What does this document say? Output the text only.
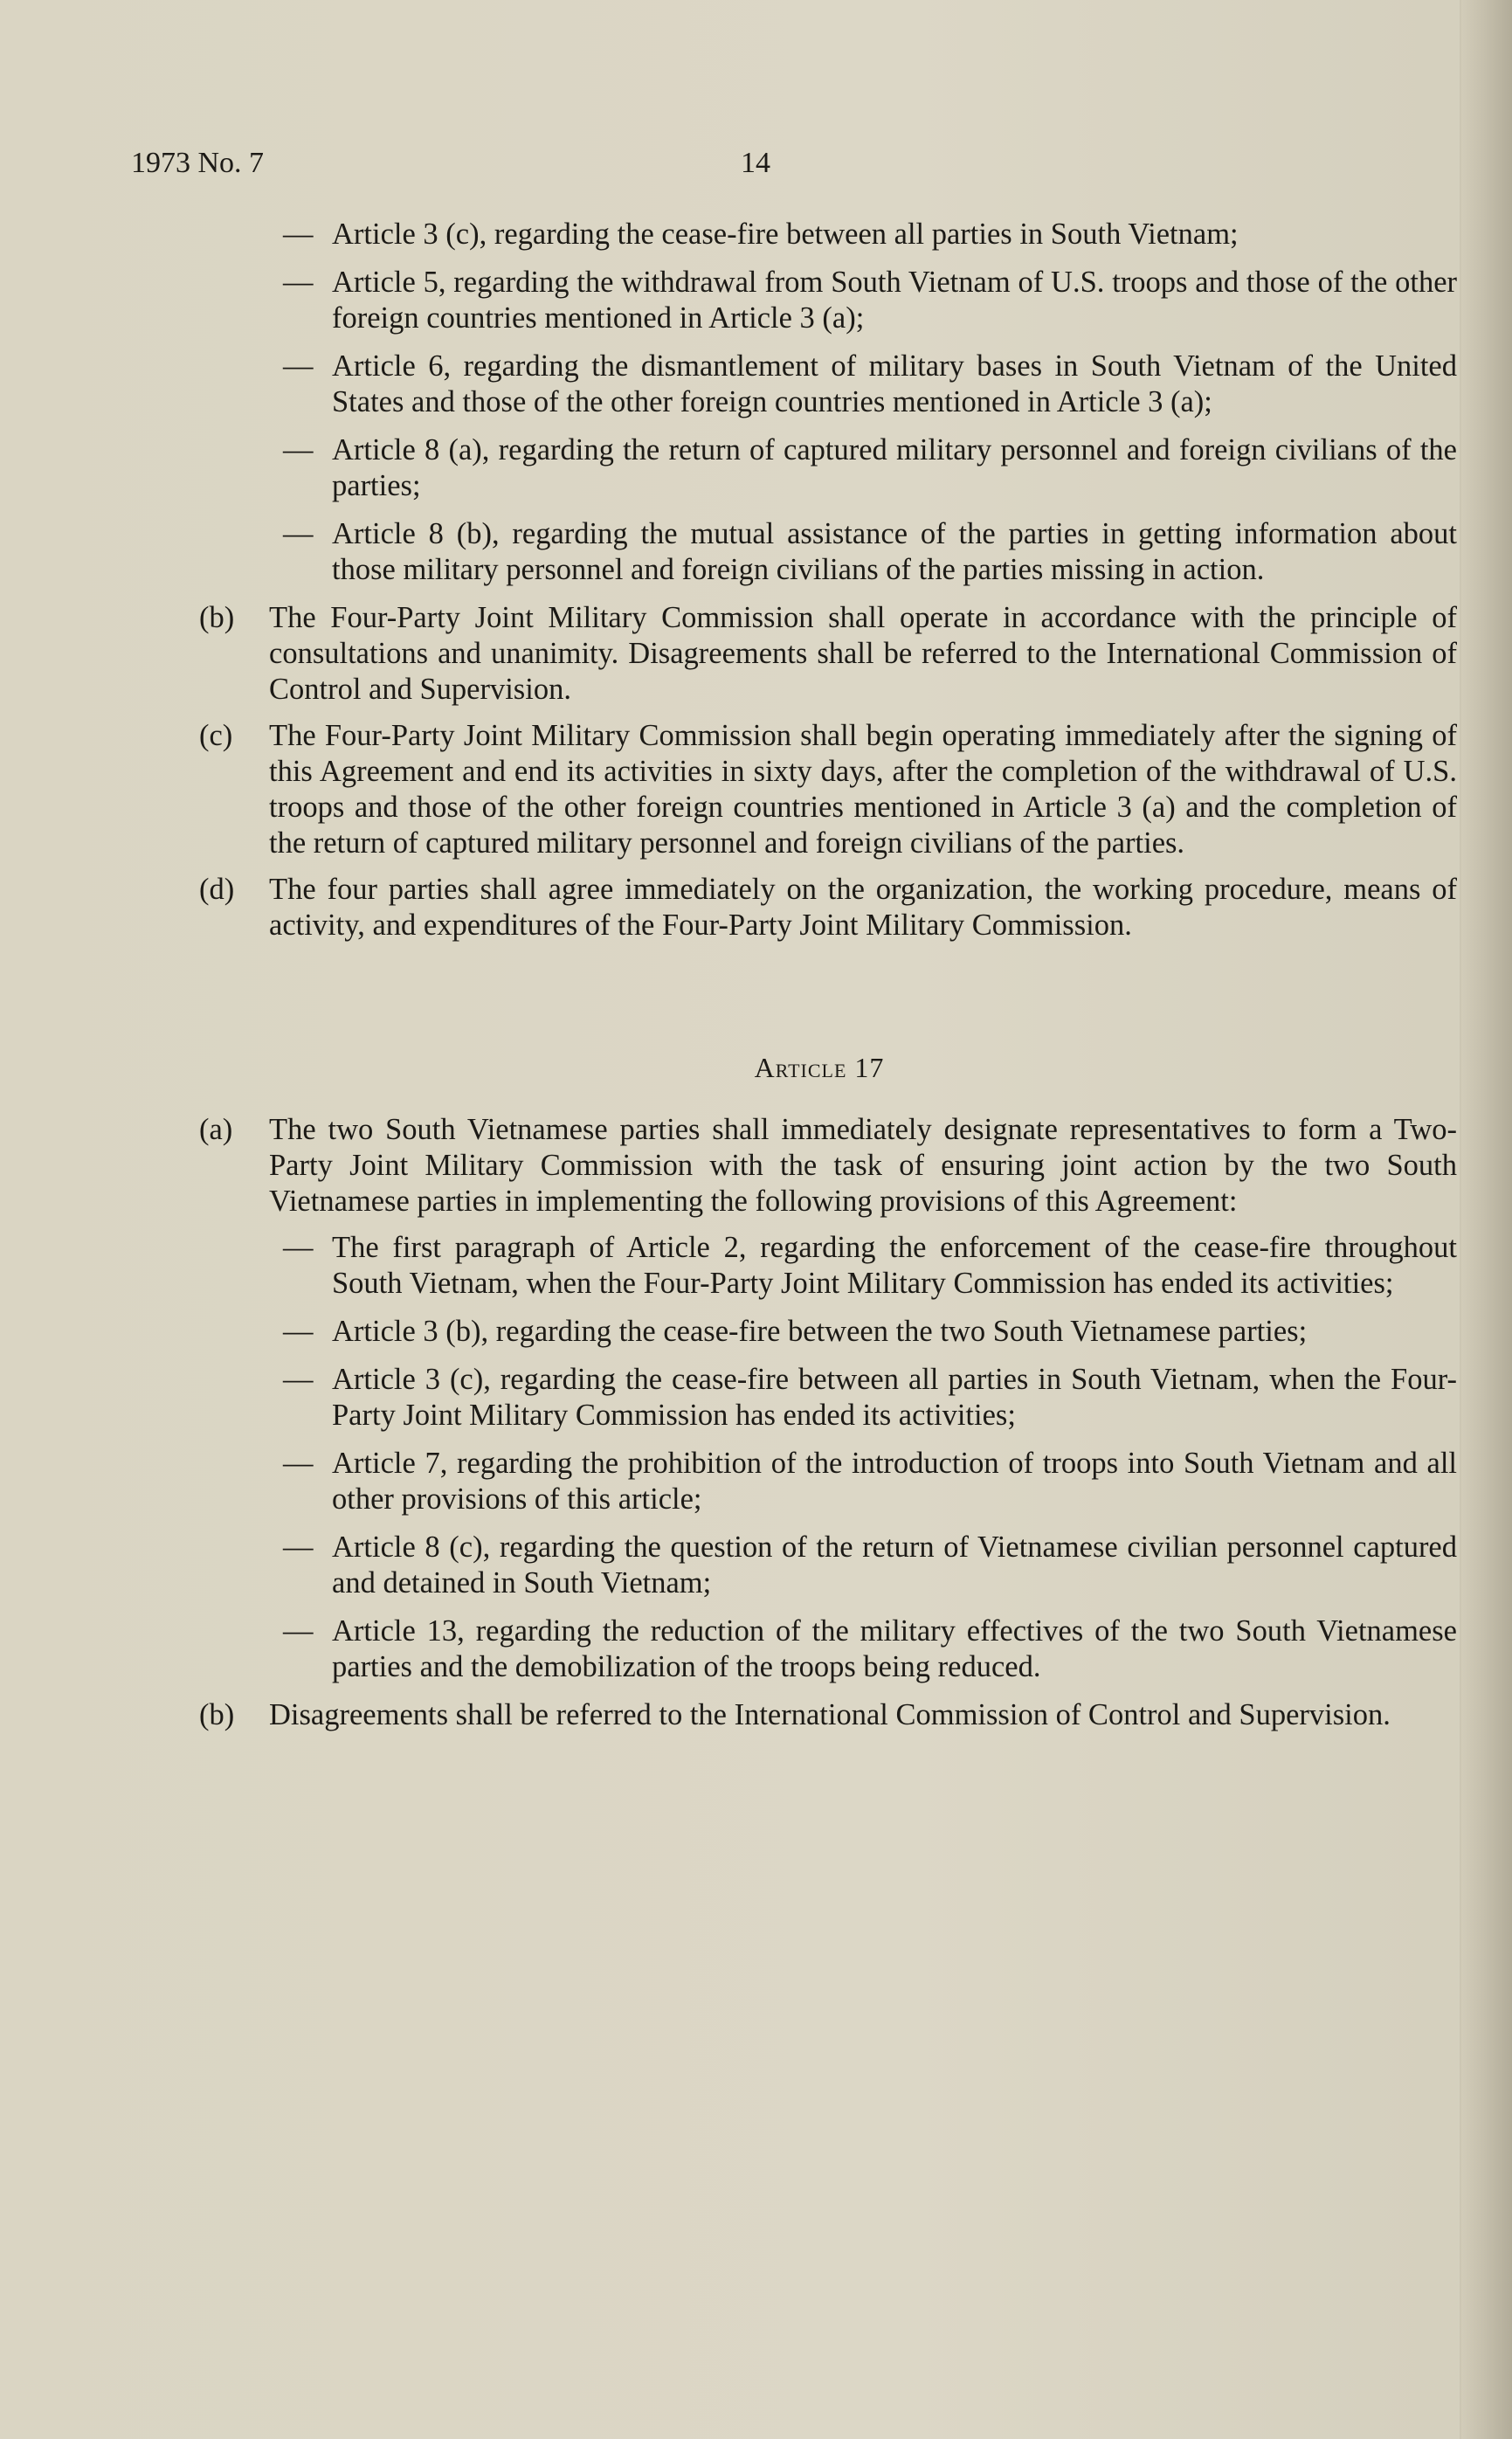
1973 No. 7	14
— Article 3 (c), regarding the cease-fire between all parties in South Vietnam;
— Article 5, regarding the withdrawal from South Vietnam of U.S. troops and those of the other foreign countries mentioned in Article 3 (a);
— Article 6, regarding the dismantlement of military bases in South Vietnam of the United States and those of the other foreign countries mentioned in Article 3 (a);
— Article 8 (a), regarding the return of captured military personnel and foreign civilians of the parties;
— Article 8 (b), regarding the mutual assistance of the parties in getting information about those military personnel and foreign civilians of the parties missing in action.
(b) The Four-Party Joint Military Commission shall operate in accordance with the principle of consultations and unanimity. Disagreements shall be referred to the International Commission of Control and Supervision.
(c) The Four-Party Joint Military Commission shall begin operating immediately after the signing of this Agreement and end its activities in sixty days, after the completion of the withdrawal of U.S. troops and those of the other foreign countries mentioned in Article 3 (a) and the completion of the return of captured military personnel and foreign civilians of the parties.
(d) The four parties shall agree immediately on the organization, the working procedure, means of activity, and expenditures of the Four-Party Joint Military Commission.
Article 17
(a) The two South Vietnamese parties shall immediately designate representatives to form a Two-Party Joint Military Commission with the task of ensuring joint action by the two South Vietnamese parties in implementing the following provisions of this Agreement:
— The first paragraph of Article 2, regarding the enforcement of the cease-fire throughout South Vietnam, when the Four-Party Joint Military Commission has ended its activities;
— Article 3 (b), regarding the cease-fire between the two South Vietnamese parties;
— Article 3 (c), regarding the cease-fire between all parties in South Vietnam, when the Four-Party Joint Military Commission has ended its activities;
— Article 7, regarding the prohibition of the introduction of troops into South Vietnam and all other provisions of this article;
— Article 8 (c), regarding the question of the return of Vietnamese civilian personnel captured and detained in South Vietnam;
— Article 13, regarding the reduction of the military effectives of the two South Vietnamese parties and the demobilization of the troops being reduced.
(b) Disagreements shall be referred to the International Commission of Control and Supervision.
